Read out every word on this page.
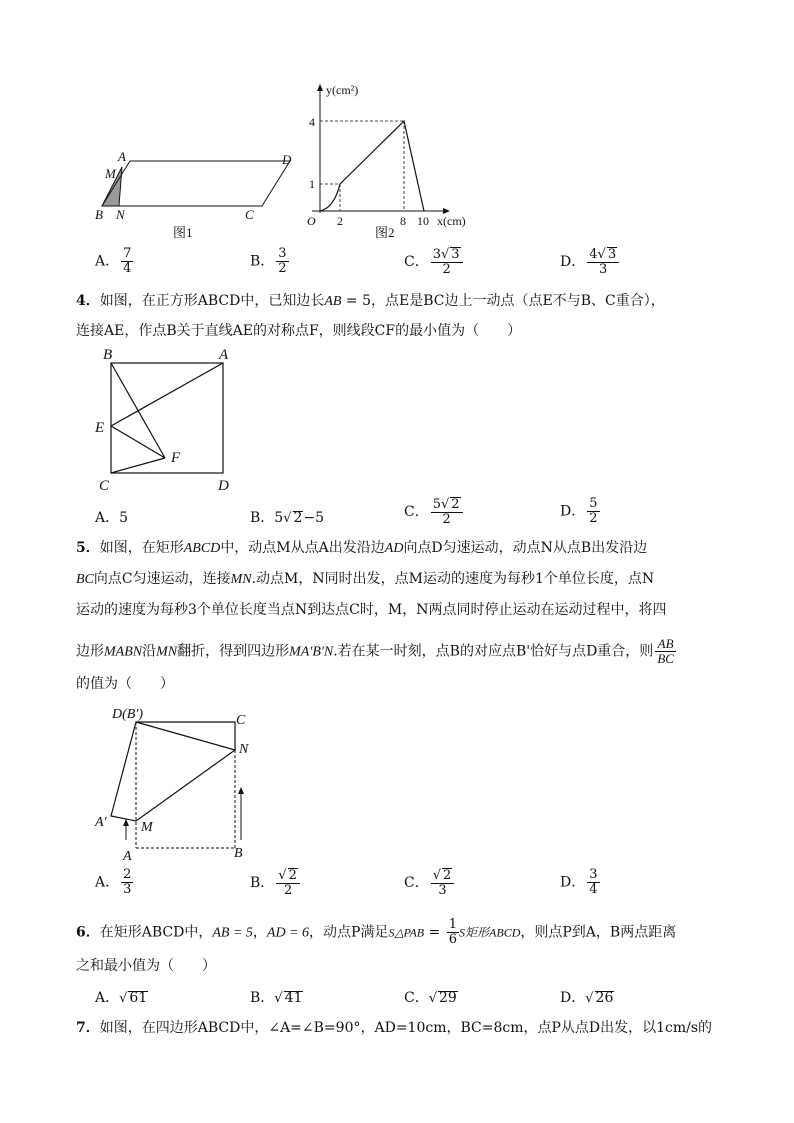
A	D
M
B N	C
图1
y(cm²)
4
1
O 2	8 10 x(cm)
图2
A． $\frac{7}{4}$	B． $\frac{3}{2}$	C． $\frac{3√ 3}{2}$	D． $\frac{4√ 3}{3}$
4．如图，在正方形ABCD中，已知边长AB = 5，点E是BC边上一动点（点E不与B、C重合），
连接AE，作点B关于直线AE的对称点F，则线段CF的最小值为（　　）
B	A
E
F
C	D
A．5	B．5√ 2−5	C． $\frac{5√ 2}{2}$	D． $\frac{5}{2}$
5．如图，在矩形ABCD中，动点M从点A出发沿边AD向点D匀速运动，动点N从点B出发沿边
BC向点C匀速运动，连接MN.动点M，N同时出发，点M运动的速度为每秒1个单位长度，点N
运动的速度为每秒3个单位长度当点N到达点C时，M，N两点同时停止运动在运动过程中，将四
边形MABN沿MN翻折，得到四边形MA'B'N.若在某一时刻，点B的对应点B'恰好与点D重合，则 $\frac{AB}{BC}$
的值为（　　）
D(B′)	C
N
A′ M
A	B
A． $\frac{2}{3}$	B． $\frac{√ 2}{2}$	C． $\frac{√ 2}{3}$	D． $\frac{3}{4}$
6．在矩形ABCD中，AB = 5，AD = 6，动点P满足S△PAB = $\frac{1}{6}$ S矩形ABCD，则点P到A，B两点距离
之和最小值为（　　）
A．√ 61	B．√ 41	C．√ 29	D．√ 26
7．如图，在四边形ABCD中，∠A=∠B=90°，AD=10cm，BC=8cm，点P从点D出发，以1cm/s的
